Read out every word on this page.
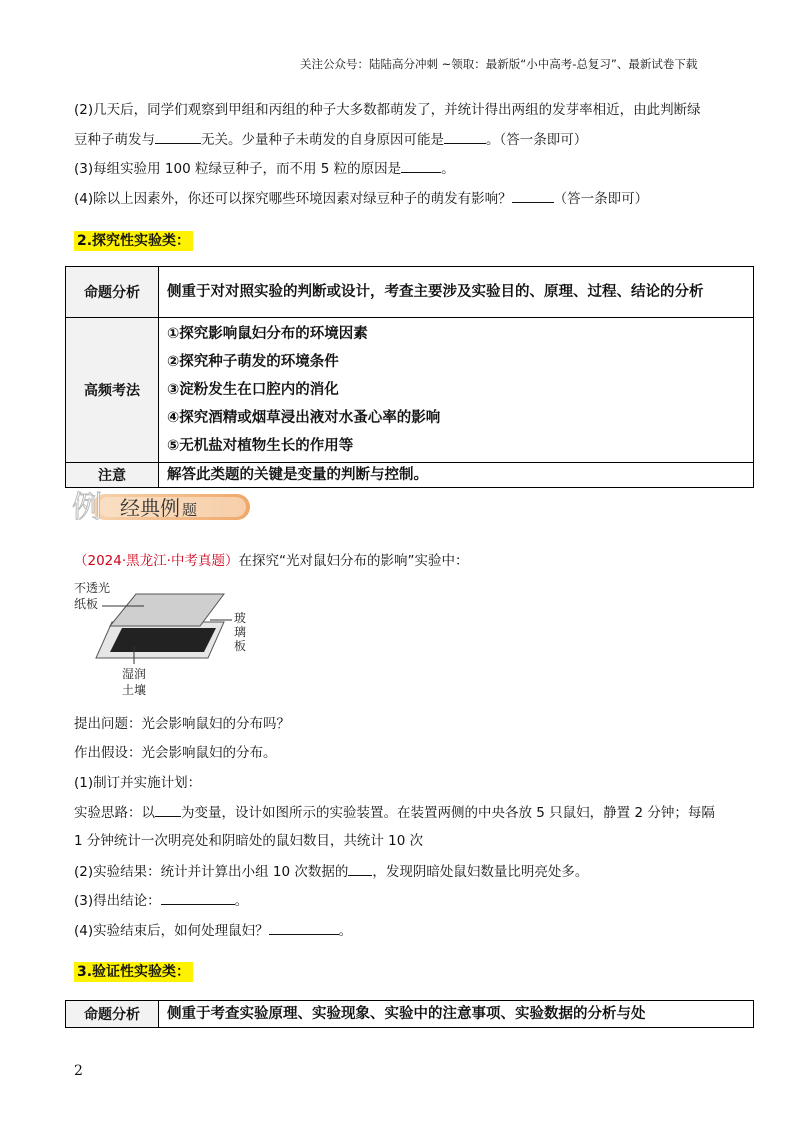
关注公众号：陆陆高分冲刺 ~领取：最新版“小中高考-总复习”、最新试卷下载
(2)几天后，同学们观察到甲组和丙组的种子大多数都萌发了，并统计得出两组的发芽率相近，由此判断绿
豆种子萌发与	无关。少量种子未萌发的自身原因可能是	。（答一条即可）
(3)每组实验用 100 粒绿豆种子，而不用 5 粒的原因是	。
(4)除以上因素外，你还可以探究哪些环境因素对绿豆种子的萌发有影响？	（答一条即可）
2.探究性实验类：
命题分析	侧重于对对照实验的判断或设计，考查主要涉及实验目的、原理、过程、结论的分析
高频考法	①探究影响鼠妇分布的环境因素
②探究种子萌发的环境条件
③淀粉发生在口腔内的消化
④探究酒精或烟草浸出液对水蚤心率的影响
⑤无机盐对植物生长的作用等

注意	解答此类题的关键是变量的判断与控制。
例 经典例 题
（2024·黑龙江·中考真题）在探究“光对鼠妇分布的影响”实验中：
不透光
纸板
玻
璃
板
湿润
土壤
提出问题：光会影响鼠妇的分布吗？
作出假设：光会影响鼠妇的分布。
(1)制订并实施计划：
实验思路：以 为变量，设计如图所示的实验装置。在装置两侧的中央各放 5 只鼠妇，静置 2 分钟；每隔
1 分钟统计一次明亮处和阴暗处的鼠妇数目，共统计 10 次
(2)实验结果：统计并计算出小组 10 次数据的 ，发现阴暗处鼠妇数量比明亮处多。
(3)得出结论：	。
(4)实验结束后，如何处理鼠妇？	。
3.验证性实验类：
命题分析	侧重于考查实验原理、实验现象、实验中的注意事项、实验数据的分析与处
2
